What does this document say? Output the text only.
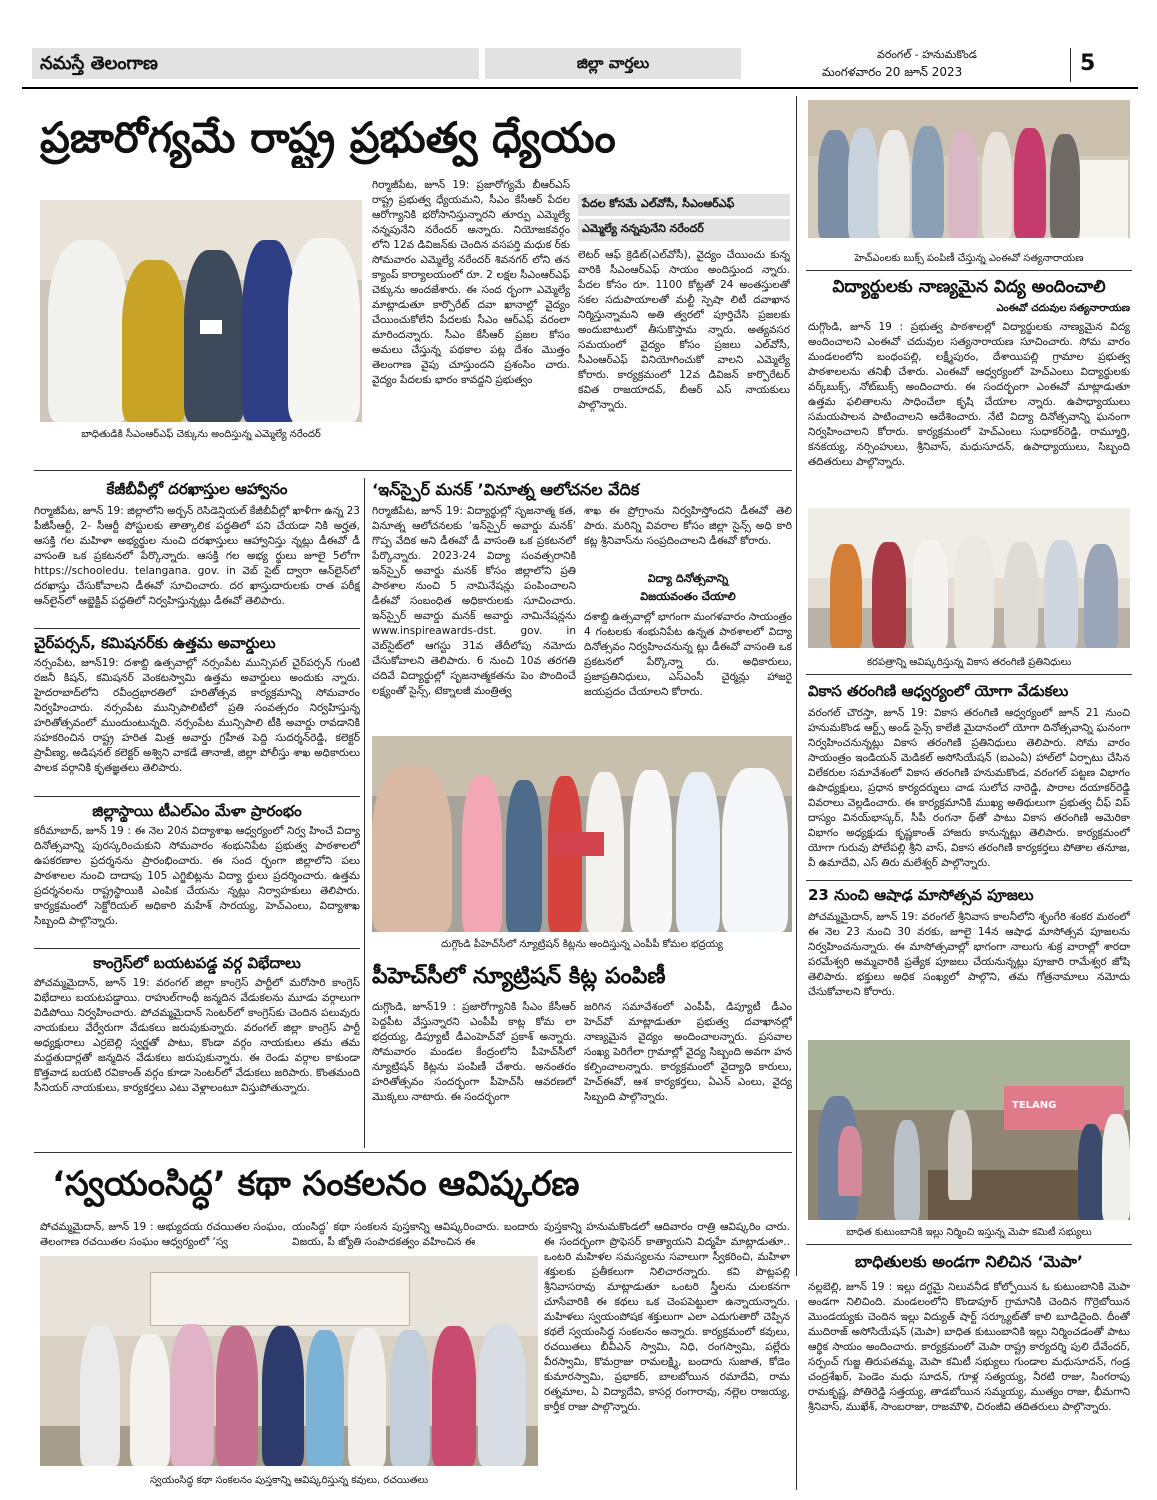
నమస్తే తెలంగాణ	జిల్లా వార్తలు	వరంగల్ - హనుమకొండ
మంగళవారం 20 జూన్ 2023	5
ప్రజారోగ్యమే రాష్ట్ర ప్రభుత్వ ధ్యేయం
బాధితుడికి సీఎంఆర్‌ఎఫ్ చెక్కును అందిస్తున్న ఎమ్మెల్యే నరేందర్
గిర్మాజీపేట, జూన్ 19: ప్రజారోగ్యమే బీఆర్‌ఎస్ రాష్ట్ర ప్రభుత్వ ధ్యేయమని, సీఎం కేసీఆర్ పేదల ఆరోగ్యానికి భరోసానిస్తున్నారని తూర్పు ఎమ్మెల్యే నన్నపునేని నరేందర్ అన్నారు. నియోజకవర్గం లోని 12వ డివిజన్‌కు చెందిన వసపర్తి మధుక ర్‌కు సోమవారం ఎమ్మెల్యే నరేందర్ శివనగర్ లోని తన క్యాంప్ కార్యాలయంలో రూ. 2 లక్షల సీఎంఆర్‌ఎఫ్ చెక్కును అందజేశారు. ఈ సంద ర్భంగా ఎమ్మెల్యే మాట్లాడుతూ కార్పొరేట్ దవా ఖానాల్లో వైద్యం చేయించుకోలేని పేదలకు సీఎం ఆర్‌ఎఫ్ వరంలా మారిందన్నారు. సీఎం కేసీఆర్ ప్రజల కోసం అమలు చేస్తున్న పథకాల పట్ల దేశం మొత్తం తెలంగాణ వైపు చూస్తుందని ప్రశంసిం చారు. వైద్యం పేదలకు భారం కావద్దని ప్రభుత్వం
పేదల కోసమే ఎల్‌వోసీ, సీఎంఆర్‌ఎఫ్
ఎమ్మెల్యే నన్నపునేని నరేందర్
లెటర్ ఆఫ్ క్రెడిట్(ఎల్‌వోసీ), వైద్యం చేయించు కున్న వారికి సీఎంఆర్‌ఎఫ్ సాయం అందిస్తుంద న్నారు. పేదల కోసం రూ. 1100 కోట్లతో 24 అంతస్తులతో సకల సదుపాయాలతో మల్టీ స్పెషా లిటీ దవాఖాన నిర్మిస్తున్నామని అతి త్వరలో పూర్తిచేసి ప్రజలకు అందుబాటులో తీసుకొస్తామ న్నారు. అత్యవసర సమయంలో వైద్యం కోసం ప్రజలు ఎల్‌వోసీ, సీఎంఆర్‌ఎఫ్ వినియోగించుకో వాలని ఎమ్మెల్యే కోరారు. కార్యక్రమంలో 12వ డివిజన్ కార్పొరేటర్ కవిత రాజయాదవ్, బీఆర్ ఎస్ నాయకులు పాల్గొన్నారు.
హెచ్‌ఎంలకు బుక్స్ పంపిణీ చేస్తున్న ఎంఈవో సత్యనారాయణ
విద్యార్థులకు నాణ్యమైన విద్య అందించాలి
ఎంఈవో చదువుల సత్యనారాయణ
దుగ్గొండి, జూన్ 19 : ప్రభుత్వ పాఠశాలల్లో విద్యార్థులకు నాణ్యమైన విద్య అందించాలని ఎంఈవో చదువుల సత్యనారాయణ సూచించారు. సోమ వారం మండలంలోని బంధంపల్లి, లక్ష్మీపురం, దేశాయిపల్లి గ్రామాల ప్రభుత్వ పాఠశాలలను తనిఖీ చేశారు. ఎంఈవో ఆధ్వర్యంలో హెచ్‌ఎంలు విద్యార్థులకు వర్క్‌బుక్స్, నోట్‌బుక్స్ అందించారు. ఈ సందర్భంగా ఎంఈవో మాట్లాడుతూ ఉత్తమ ఫలితాలను సాధించేలా కృషి చేయాల న్నారు. ఉపాధ్యాయులు సమయపాలన పాటించాలని ఆదేశించారు. నేటి విద్యా దినోత్సవాన్ని ఘనంగా నిర్వహించాలని కోరారు. కార్యక్రమంలో హెచ్‌ఎంలు సుధాకర్‌రెడ్డి, రామ్మూర్తి, కనకయ్య, నర్సింహులు, శ్రీనివాస్, మధుసూదన్, ఉపాధ్యాయులు, సిబ్బంది తదితరులు పాల్గొన్నారు.
కరపత్రాన్ని ఆవిష్కరిస్తున్న వికాస తరంగిణి ప్రతినిధులు
వికాస తరంగిణి ఆధ్వర్యంలో యోగా వేడుకలు
వరంగల్ చౌరస్తా, జూన్ 19: వికాస తరంగిణి ఆధ్వర్యంలో జూన్ 21 నుంచి హనుమకొండ ఆర్ట్స్ అండ్ సైన్స్ కాలేజీ మైదానంలో యోగా దినోత్సవాన్ని ఘనంగా నిర్వహించనున్నట్లు వికాస తరంగిణి ప్రతినిధులు తెలిపారు. సోమ వారం సాయంత్రం ఇండియన్ మెడికల్ అసోసియేషన్ (ఐఎంఏ) హాల్‌లో ఏర్పాటు చేసిన విలేకరుల సమావేశంలో వికాస తరంగిణి హనుమకొండ, వరంగల్ పట్టణ విభాగం ఉపాధ్యక్షులు, ప్రధాన కార్యదర్శులు చాడ సులోచ నారెడ్డి, పారాల దయాకర్‌రెడ్డి వివరాలు వెల్లడించారు. ఈ కార్యక్రమానికి ముఖ్య అతిథులుగా ప్రభుత్వ చీఫ్ విప్ దాస్యం వినయ్‌భాస్కర్, సీపీ రంగనా థ్‌తో పాటు వికాస తరంగిణి అమెరికా విభాగం అధ్యక్షుడు కృష్ణకాంత్ హాజరు కానున్నట్లు తెలిపారు. కార్యక్రమంలో యోగా గురువు పోలేపల్లి శ్రీని వాస్, వికాస తరంగిణి కార్యకర్తలు పోతాల తనూజ, వీ ఉమాదేవి, ఎస్ తిరు మలేశ్వర్ పాల్గొన్నారు.
23 నుంచి ఆషాఢ మాసోత్సవ పూజలు
పోచమ్మమైదాన్, జూన్ 19: వరంగల్ శ్రీనివాస కాలనీలోని శృంగేరి శంకర మఠంలో ఈ నెల 23 నుంచి 30 వరకు, జూలై 14న ఆషాఢ మాసోత్సవ పూజలను నిర్వహించనున్నారు. ఈ మాసోత్సవాల్లో భాగంగా నాలుగు శుక్ర వారాల్లో శారదా పరమేశ్వరి అమ్మవారికి ప్రత్యేక పూజలు చేయనున్నట్లు పూజారి రామేశ్వర జోషి తెలిపారు. భక్తులు అధిక సంఖ్యలో పాల్గొని, తమ గోత్రనామాలు నమోదు చేసుకోవాలని కోరారు.
TELANG
బాధిత కుటుంబానికి ఇల్లు నిర్మించి ఇస్తున్న మెపా కమిటీ సభ్యులు
బాధితులకు అండగా నిలిచిన ‘మెపా’
నల్లబెల్లి, జూన్ 19 : ఇల్లు దగ్ధమై నిలువనీడ కోల్పోయిన ఓ కుటుంబానికి మెపా అండగా నిలిచింది. మండలంలోని కొండాపూర్ గ్రామానికి చెందిన గొర్రెబోయిన మొండయ్యకు చెందిన ఇల్లు విద్యుత్ షార్ట్ సర్క్యూట్‌తో కాలి బూడిదైంది. దీంతో ముదిరాజ్ అసోసియేషన్ (మెపా) బాధిత కుటుంబానికి ఇల్లు నిర్మించడంతో పాటు ఆర్థిక సాయం అందించారు. కార్యక్రమంలో మెపా రాష్ట్ర కార్యదర్శి పులి దేవేందర్, సర్పంచ్ గుజ్జ తిరుపతమ్మ, మెపా కమిటీ సభ్యులు గుండాల మధుసూదన్, గండ్ర చంద్రశేఖర్, పెండెం మధు సూదన్, గూళ్ల సత్యయ్య, నీరటి రాజు, సింగరాపు రామకృష్ణ, పోతిరెడ్డి సత్తయ్య, తాడబోయిన సమ్మయ్య, ముత్యం రాజు, భీమగాని శ్రీనివాస్, ముఖేశ్, సాంబరాజు, రాజమౌళి, చిరంజీవి తదితరులు పాల్గొన్నారు.
కేజీబీవీల్లో దరఖాస్తుల ఆహ్వానం
గిర్మాజీపేట, జూన్ 19: జిల్లాలోని అర్బన్ రెసిడెన్షియల్ కేజీబీవీల్లో ఖాళీగా ఉన్న 23 పీజీసీఆర్టీ, 2- సీఆర్టీ పోస్టులకు తాత్కాలిక పద్ధతిలో పని చేయడా నికి అర్హత, ఆసక్తి గల మహిళా అభ్యర్థుల నుంచి దరఖాస్తులు ఆహ్వానిస్తు న్నట్లు డీఈవో డీ వాసంతి ఒక ప్రకటనలో పేర్కొన్నారు. ఆసక్తి గల అభ్య ర్థులు జూలై 5లోగా https://schooledu. telangana. gov. in వెబ్ సైట్ ద్వారా ఆన్‌లైన్‌లో దరఖాస్తు చేసుకోవాలని డీఈవో సూచించారు. దర ఖాస్తుదారులకు రాత పరీక్ష ఆన్‌లైన్‌లో ఆబ్జెక్టివ్ పద్ధతిలో నిర్వహిస్తున్నట్లు డీఈవో తెలిపారు.
చైర్‌పర్సన్, కమిషనర్‌కు ఉత్తమ అవార్డులు
నర్సంపేట, జూన్19: దశాబ్ది ఉత్సవాల్లో నర్సంపేట మున్సిపల్ చైర్‌పర్సన్ గుంటి రజనీ కిషన్, కమిషనర్ వెంకటస్వామి ఉత్తమ అవార్డులు అందుకు న్నారు. హైదరాబాద్‌లోని రవీంద్రభారతిలో హరితోత్సవ కార్యక్రమాన్ని సోమవారం నిర్వహించారు. నర్సంపేట మున్సిపాలిటీలో ప్రతి సంవత్సరం నిర్వహిస్తున్న హరితోత్సవంలో ముందుంటున్నది. నర్సంపేట మున్సిపాలి టీకి అవార్డు రావడానికి సహకరించిన రాష్ట్ర హరిత మిత్ర అవార్డు గ్రహీత పెద్ది సుదర్శన్‌రెడ్డి, కలెక్టర్ ప్రావీణ్య, అడిషనల్ కలెక్టర్ అశ్విని వాకడే తానాజీ, జిల్లా పోలీస్తు శాఖ అధికారులు పాలక వర్గానికి కృతజ్ఞతలు తెలిపారు.
జిల్లాస్థాయి టీఎల్‌ఎం మేళా ప్రారంభం
కరీమాబాద్, జూన్ 19 : ఈ నెల 20న విద్యాశాఖ ఆధ్వర్యంలో నిర్వ హించే విద్యా దినోత్సవాన్ని పురస్కరించుకుని సోమవారం శంభునిపేట ప్రభుత్వ పాఠశాలలో ఉపకరణాల ప్రదర్శనను ప్రారంభించారు. ఈ సంద ర్భంగా జిల్లాలోని పలు పాఠశాలల నుంచి దాదాపు 105 ఎగ్జిబిట్లను విద్యా ర్థులు ప్రదర్శించారు. ఉత్తమ ప్రదర్శనలను రాష్ట్రస్థాయికి ఎంపిక చేయను న్నట్లు నిర్వాహకులు తెలిపారు. కార్యక్రమంలో సెక్టోరియల్ అధికారి మహేశ్ సారయ్య, హెచ్‌ఎంలు, విద్యాశాఖ సిబ్బంది పాల్గొన్నారు.
కాంగ్రెస్‌లో బయటపడ్డ వర్గ విభేదాలు
పోచమ్మమైదాన్, జూన్ 19: వరంగల్ జిల్లా కాంగ్రెస్ పార్టీలో మరోసారి కాంగ్రెస్ విభేదాలు బయటపడ్డాయి. రాహుల్‌గాంధీ జన్మదిన వేడుకలను మూడు వర్గాలుగా విడిపోయి నిర్వహించారు. పోచమ్మమైదాన్ సెంటర్‌లో కాంగ్రెస్‌కు చెందిన పలువురు నాయకులు వేర్వేరుగా వేడుకలు జరుపుకున్నారు. వరంగల్ జిల్లా కాంగ్రెస్ పార్టీ అధ్యక్షురాలు ఎర్రబెల్లి స్వర్ణతో పాటు, కొండా వర్గం నాయకులు తమ తమ మద్దతుదార్లతో జన్మదిన వేడుకలు జరుపుకున్నారు. ఈ రెండు వర్గాల కాకుండా కొత్తవాడ బయటి రవికాంత్ వర్గం కూడా సెంటర్‌లో వేడుకలు జరిపారు. కొంతమంది సీనియర్ నాయకులు, కార్యకర్తలు ఎటు వెళ్లాలంటూ విస్తుపోతున్నారు.
‘ఇన్‌స్పైర్ మనక్ ’వినూత్న ఆలోచనల వేదిక
గిర్మాజీపేట, జూన్ 19: విద్యార్థుల్లో సృజనాత్మ కత, వినూత్న ఆలోచనలకు ‘ఇన్‌స్పైర్ అవార్డు మనక్’ గొప్ప వేదిక అని డీఈవో డీ వాసంతి ఒక ప్రకటనలో పేర్కొన్నారు. 2023-24 విద్యా సంవత్సరానికి ఇన్‌స్పైర్ అవార్డు మనక్ కోసం జిల్లాలోని ప్రతి పాఠశాల నుంచి 5 నామినేషన్లు పంపించాలని డీఈవో సంబంధిత అధికారులకు సూచించారు. ఇన్‌స్పైర్ అవార్డు మనక్ అవార్డు నామినేషన్లను www.inspireawards-dst. gov. in వెబ్‌సైట్‌లో ఆగస్టు 31వ తేదీలోపు నమోదు చేసుకోవాలని తెలిపారు. 6 నుంచి 10వ తరగతి చదివే విద్యార్థుల్లో సృజనాత్మకతను పెం పొందించే లక్ష్యంతో సైన్స్, టెక్నాలజీ మంత్రిత్వ
శాఖ ఈ ప్రోగ్రాంను నిర్వహిస్తోందని డీఈవో తెలి పారు. మరిన్ని వివరాల కోసం జిల్లా సైన్స్ అధి కారి కట్ల శ్రీనివాస్‌ను సంప్రదించాలని డీఈవో కోరారు.
విద్యా దినోత్సవాన్ని
విజయవంతం చేయాలి
దశాబ్ది ఉత్సవాల్లో భాగంగా మంగళవారం సాయంత్రం 4 గంటలకు శంభునిపేట ఉన్నత పాఠశాలలో విద్యా దినోత్సవం నిర్వహించనున్న ట్లు డీఈవో వాసంతి ఒక ప్రకటనలో పేర్కొన్నా రు. అధికారులు, ప్రజాప్రతినిధులు, ఎస్ఎంసీ చైర్మన్లు హాజరై జయప్రదం చేయాలని కోరారు.
దుగ్గొండి పీహెచ్‌సీలో న్యూట్రిషన్ కిట్లను అందిస్తున్న ఎంపీపీ కోమల భద్రయ్య
పీహెచ్‌సీలో న్యూట్రిషన్ కిట్ల పంపిణీ
దుగ్గొండి, జూన్19 : ప్రజారోగ్యానికి సీఎం కేసీఆర్ పెద్దపీట వేస్తున్నారని ఎంపీపీ కాట్ల కోమ లా భద్రయ్య, డిప్యూటీ డీఎంహెచ్‌వో ప్రకాశ్ అన్నారు. సోమవారం మండల కేంద్రంలోని పీహెచ్‌సీలో న్యూట్రిషన్ కిట్లను పంపిణీ చేశారు. అనంతరం హరితోత్సవం సందర్భంగా పీహెచ్‌సీ ఆవరణలో మొక్కలు నాటారు. ఈ సందర్భంగా
జరిగిన సమావేశంలో ఎంపీపీ, డిప్యూటీ డీఎం హెచ్‌వో మాట్లాడుతూ ప్రభుత్వ దవాఖానల్లో నాణ్యమైన వైద్యం అందించాలన్నారు. ప్రసవాల సంఖ్య పెరిగేలా గ్రామాల్లో వైద్య సిబ్బంది అవగా హన కల్పించాలన్నారు. కార్యక్రమంలో వైద్యాధి కారులు, హెచ్‌ఈవో, ఆశ కార్యకర్తలు, ఏఎన్ ఎంలు, వైద్య సిబ్బంది పాల్గొన్నారు.
‘స్వయంసిద్ధ’ కథా సంకలనం ఆవిష్కరణ
పోచమ్మమైదాన్, జూన్ 19 : అభ్యుదయ రచయితల సంఘం, తెలంగాణ రచయితల సంఘం ఆధ్వర్యంలో ‘స్వ
యంసిద్ధ’ కథా సంకలన పుస్తకాన్ని ఆవిష్కరించారు. బందారు విజయ, పీ జ్యోతి సంపాదకత్వం వహించిన ఈ
స్వయంసిద్ధ కథా సంకలనం పుస్తకాన్ని ఆవిష్కరిస్తున్న కవులు, రచయితలు
పుస్తకాన్ని హనుమకొండలో ఆదివారం రాత్రి ఆవిష్కరిం చారు. ఈ సందర్భంగా ప్రొఫెసర్ కాత్యాయని విద్మహే మాట్లాడుతూ.. ఒంటరి మహిళల సమస్యలను సవాలుగా స్వీకరించి, మహిళా శక్తులకు ప్రతీకలుగా నిలిచారన్నారు. కవి పొట్లపల్లి శ్రీనివాసరావు మాట్లాడుతూ ఒంటరి స్త్రీలను చులకనగా చూసేవారికి ఈ కథలు ఒక చెంపపెట్టులా ఉన్నాయన్నారు. మహిళలు స్వయంపోషక శక్తులుగా ఎలా ఎదుగుతారో చెప్పిన కథలే స్వయంసిద్ధ సంకలనం అన్నారు. కార్యక్రమంలో కవులు, రచయితలు బీవీఎన్ స్వామి, నిధి, రంగస్వామి, పల్లేరు వీరస్వామి, కొమర్రాజు రామలక్ష్మి, బందారు సుజాత, కోడెం కుమారస్వామి, ప్రభాకర్, బాలబోయిన రమాదేవి, రామ రత్నమాల, ఏ విద్యాదేవి, కాసర్ల రంగారావు, నల్లెల రాజయ్య, కార్తీక రాజు పాల్గొన్నారు.
